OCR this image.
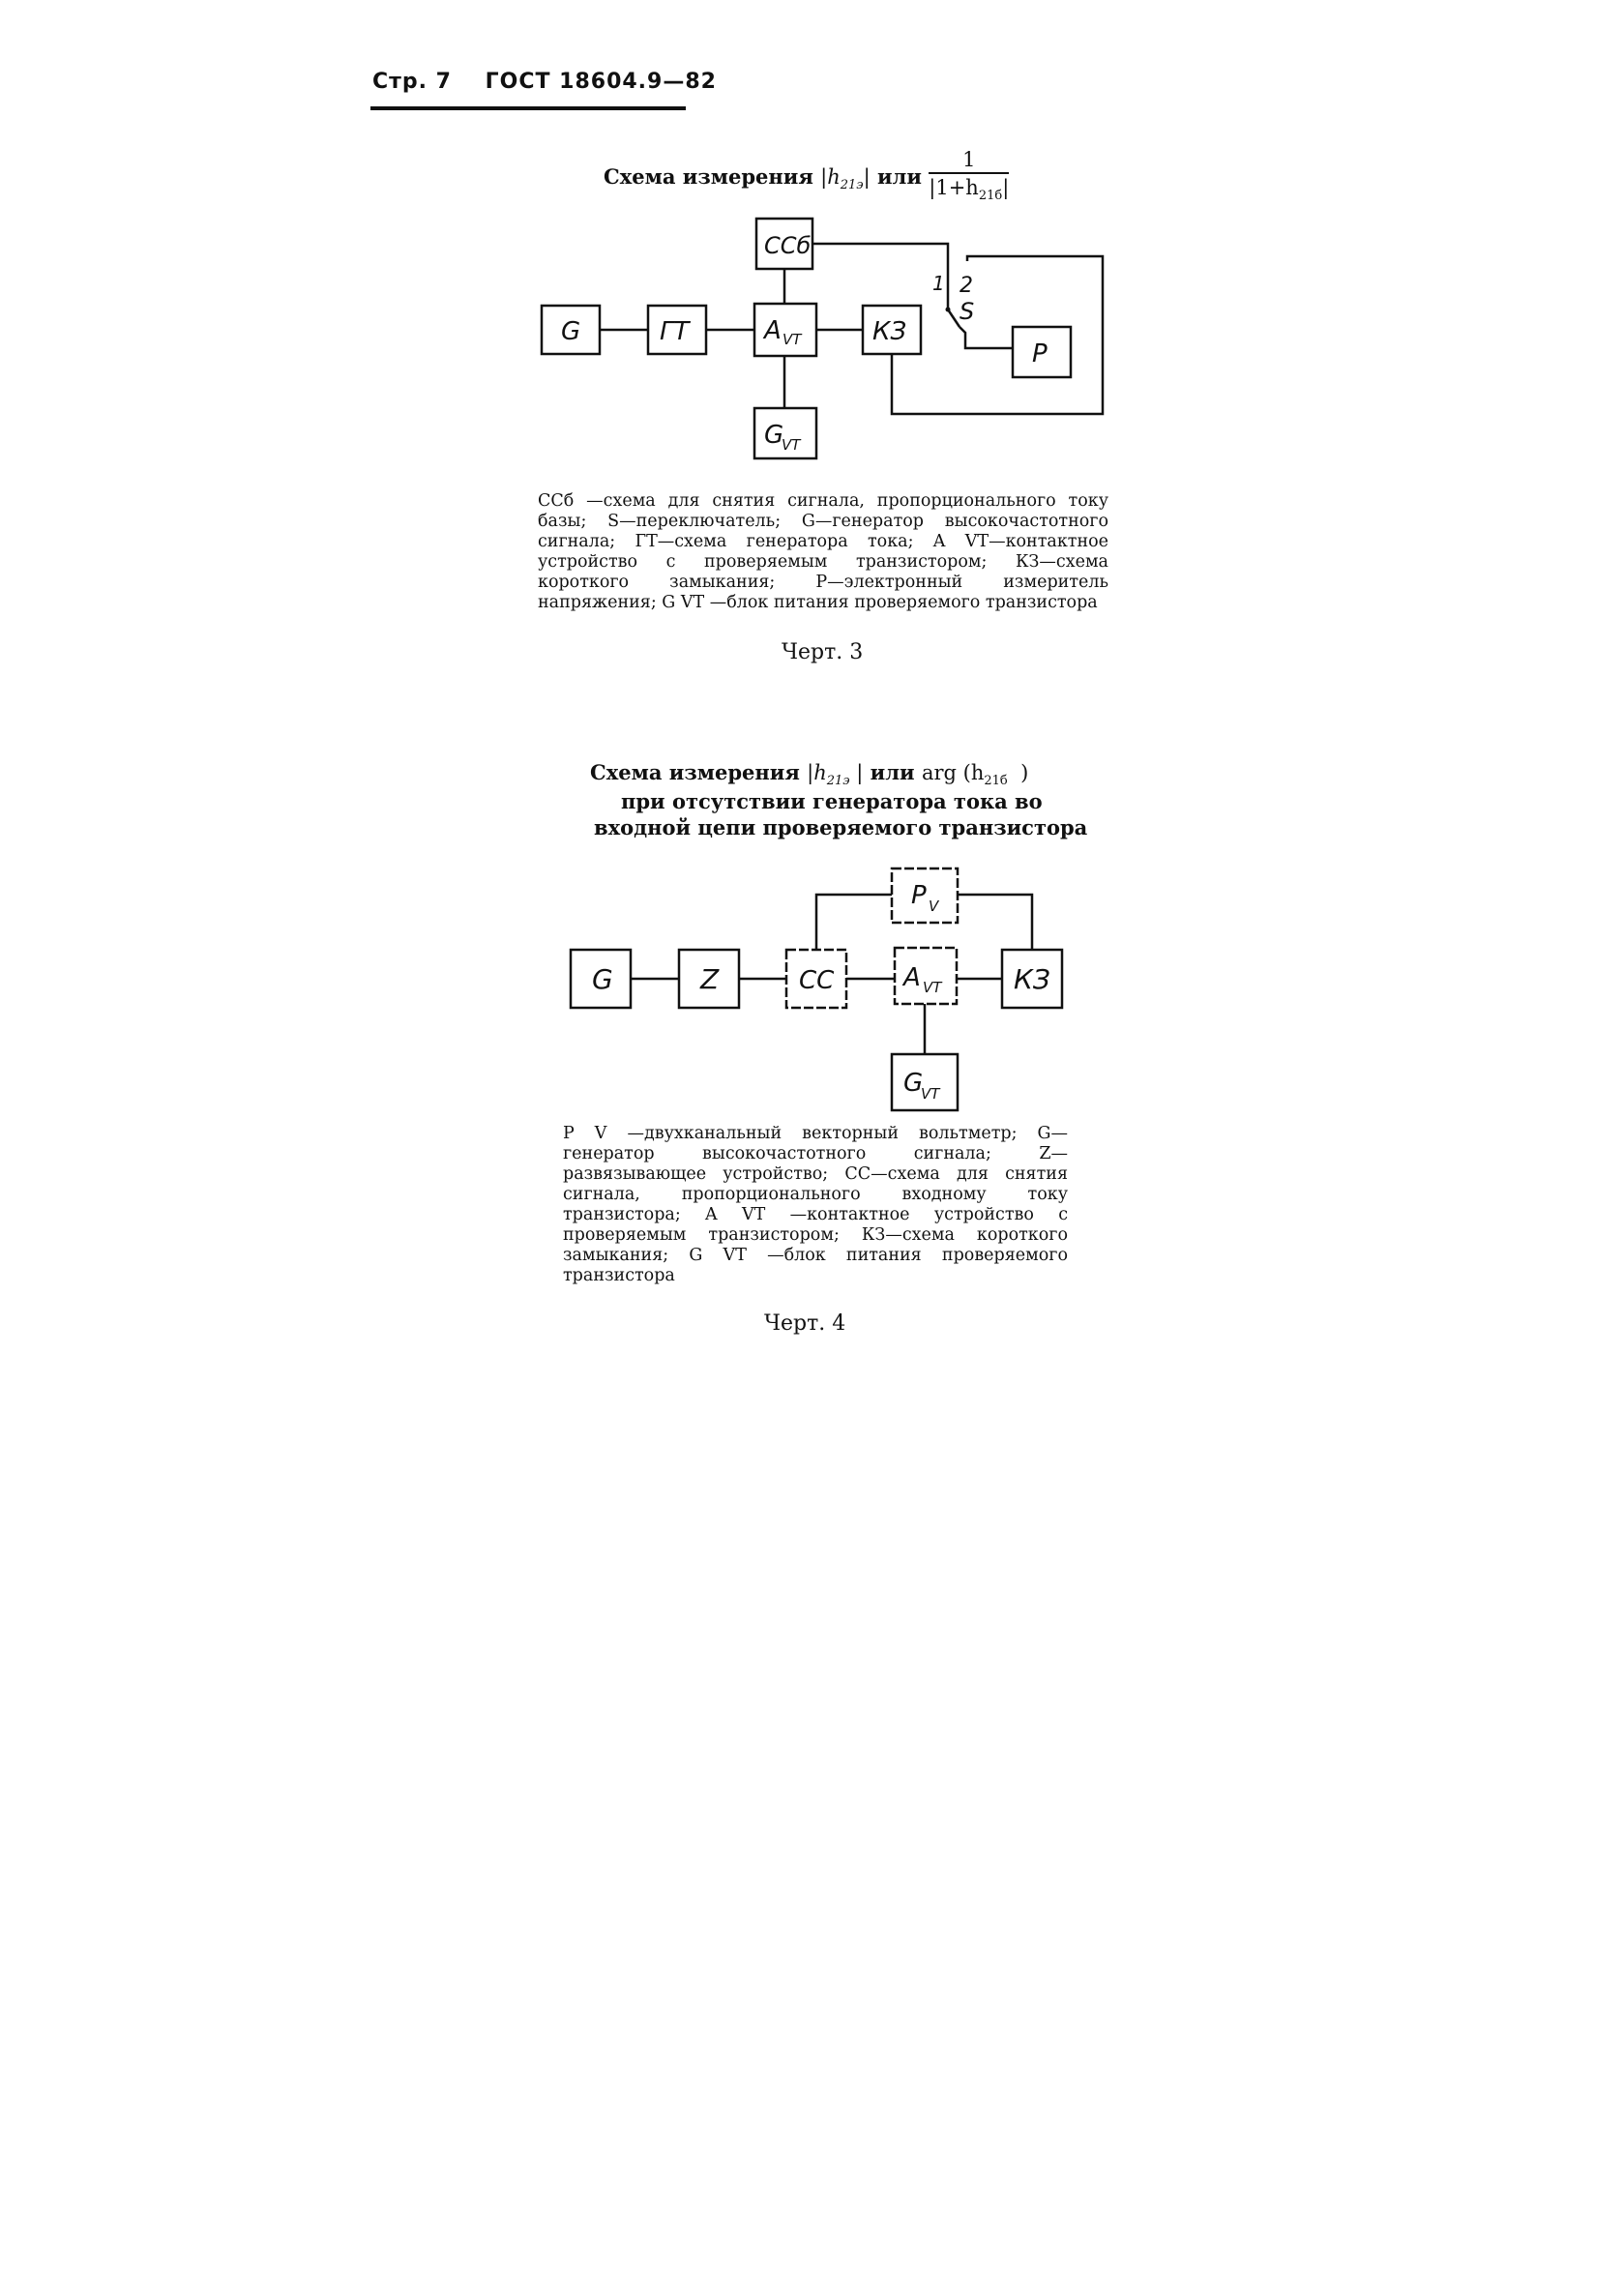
Стр. 7 ГОСТ 18604.9—82
Схема измерения $|h_{21э}|$ или $\frac{1}{|1+h_{21б}|}$
G	ГТ	A VT
CCб
КЗ
P
G
VT
1 2
S
CCб —схема для снятия сигнала, пропорционального току базы; S—переключатель; G—генератор высокочастотного сигнала; ГТ—схема генератора тока; A VT—контактное устройство с проверяемым транзистором; КЗ—схема короткого замыкания; P—электронный измеритель напряжения; G VT —блок питания проверяемого транзистора
Черт. 3
Схема измерения $|h_{21э}$ | или arg ($h_{21б}$ )
при отсутствии генератора тока во
входной цепи проверяемого транзистора
G	Z	CC	A VT	КЗ
P V
G
VT
P V —двухканальный векторный вольтметр; G—генератор высокочастотного сигнала; Z—развязывающее устройство; CC—схема для снятия сигнала, пропорционального входному току транзистора; A VT —контактное устройство с проверяемым транзистором; КЗ—схема короткого замыкания; G VT —блок питания проверяемого транзистора
Черт. 4
